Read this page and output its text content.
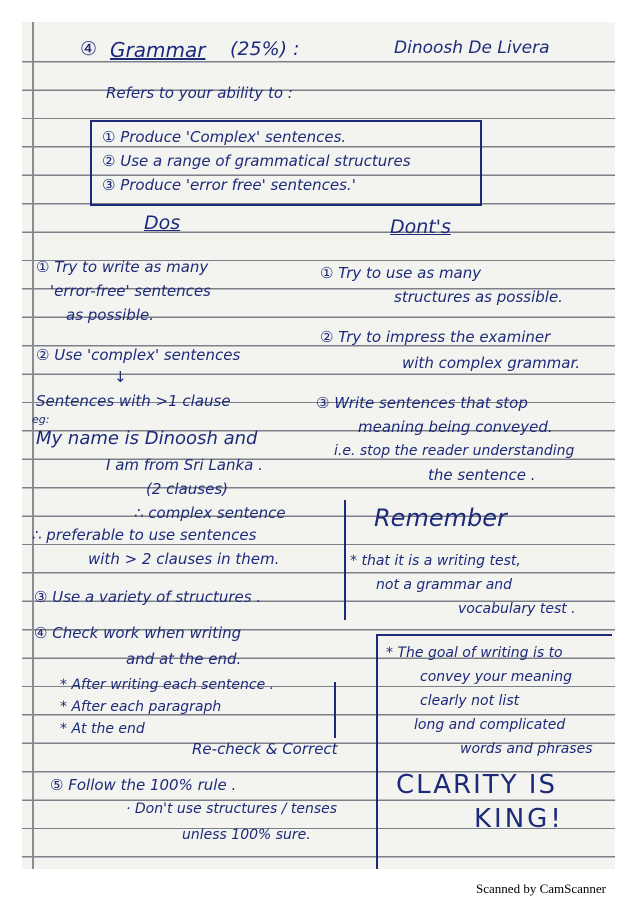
④ Grammar (25%) :	Dinoosh De Livera
Refers to your ability to :
① Produce 'Complex' sentences.
② Use a range of grammatical structures
③ Produce 'error free' sentences.'
Dos	Dont's
① Try to write as many
'error-free' sentences
as possible.
② Use 'complex' sentences
↓
Sentences with >1 clause
eg:
My name is Dinoosh and
I am from Sri Lanka .
(2 clauses)
∴ complex sentence
∴ preferable to use sentences
with > 2 clauses in them.
③ Use a variety of structures .
④ Check work when writing
and at the end.
* After writing each sentence .
* After each paragraph
* At the end
Re-check & Correct
⑤ Follow the 100% rule .
· Don't use structures / tenses
unless 100% sure.
① Try to use as many
structures as possible.
② Try to impress the examiner
with complex grammar.
③ Write sentences that stop
meaning being conveyed.
i.e. stop the reader understanding
the sentence .
Remember
* that it is a writing test,
not a grammar and
vocabulary test .
* The goal of writing is to
convey your meaning
clearly not list
long and complicated
words and phrases
CLARITY IS
KING!
Scanned by CamScanner
